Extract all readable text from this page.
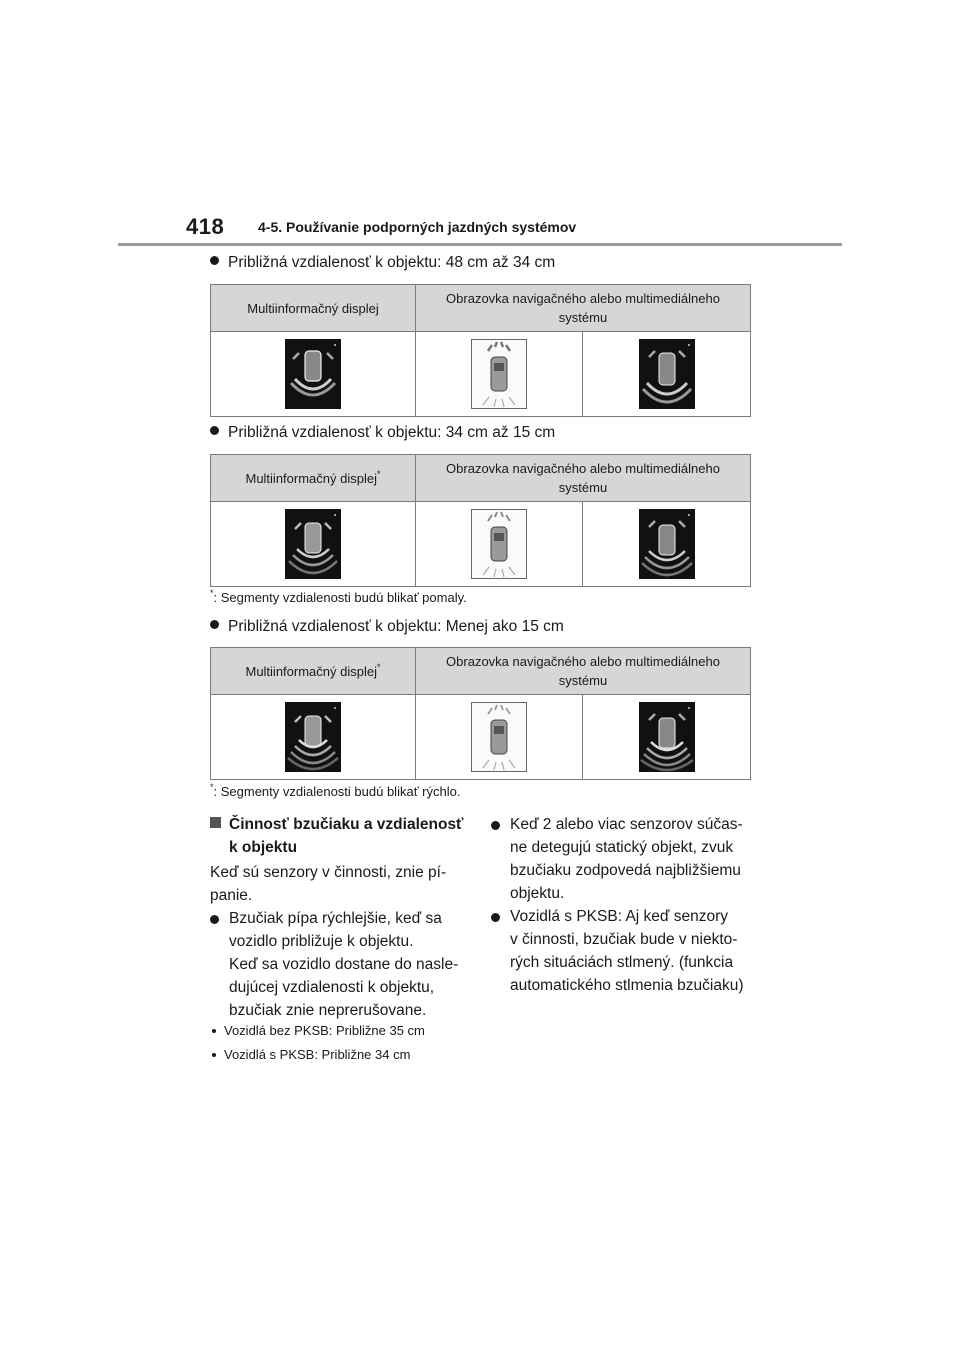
418 4-5. Používanie podporných jazdných systémov
Približná vzdialenosť k objektu: 48 cm až 34 cm
Multiinformačný displej	Obrazovka navigačného alebo multimediálneho systému	

Približná vzdialenosť k objektu: 34 cm až 15 cm
Multiinformačný displej*	Obrazovka navigačného alebo multimediálneho systému	

*: Segmenty vzdialenosti budú blikať pomaly.
Približná vzdialenosť k objektu: Menej ako 15 cm
Multiinformačný displej*	Obrazovka navigačného alebo multimediálneho systému	

*: Segmenty vzdialenosti budú blikať rýchlo.
Činnosť bzučiaku a vzdialenosť
k objektu
Keď sú senzory v činnosti, znie pí-
panie.
Bzučiak pípa rýchlejšie, keď sa
vozidlo približuje k objektu.
Keď sa vozidlo dostane do nasle-
dujúcej vzdialenosti k objektu,
bzučiak znie neprerušovane.
Vozidlá bez PKSB: Približne 35 cm
Vozidlá s PKSB: Približne 34 cm
Keď 2 alebo viac senzorov súčas-
ne detegujú statický objekt, zvuk
bzučiaku zodpovedá najbližšiemu
objektu.
Vozidlá s PKSB: Aj keď senzory
v činnosti, bzučiak bude v niekto-
rých situáciách stlmený. (funkcia
automatického stlmenia bzučiaku)
